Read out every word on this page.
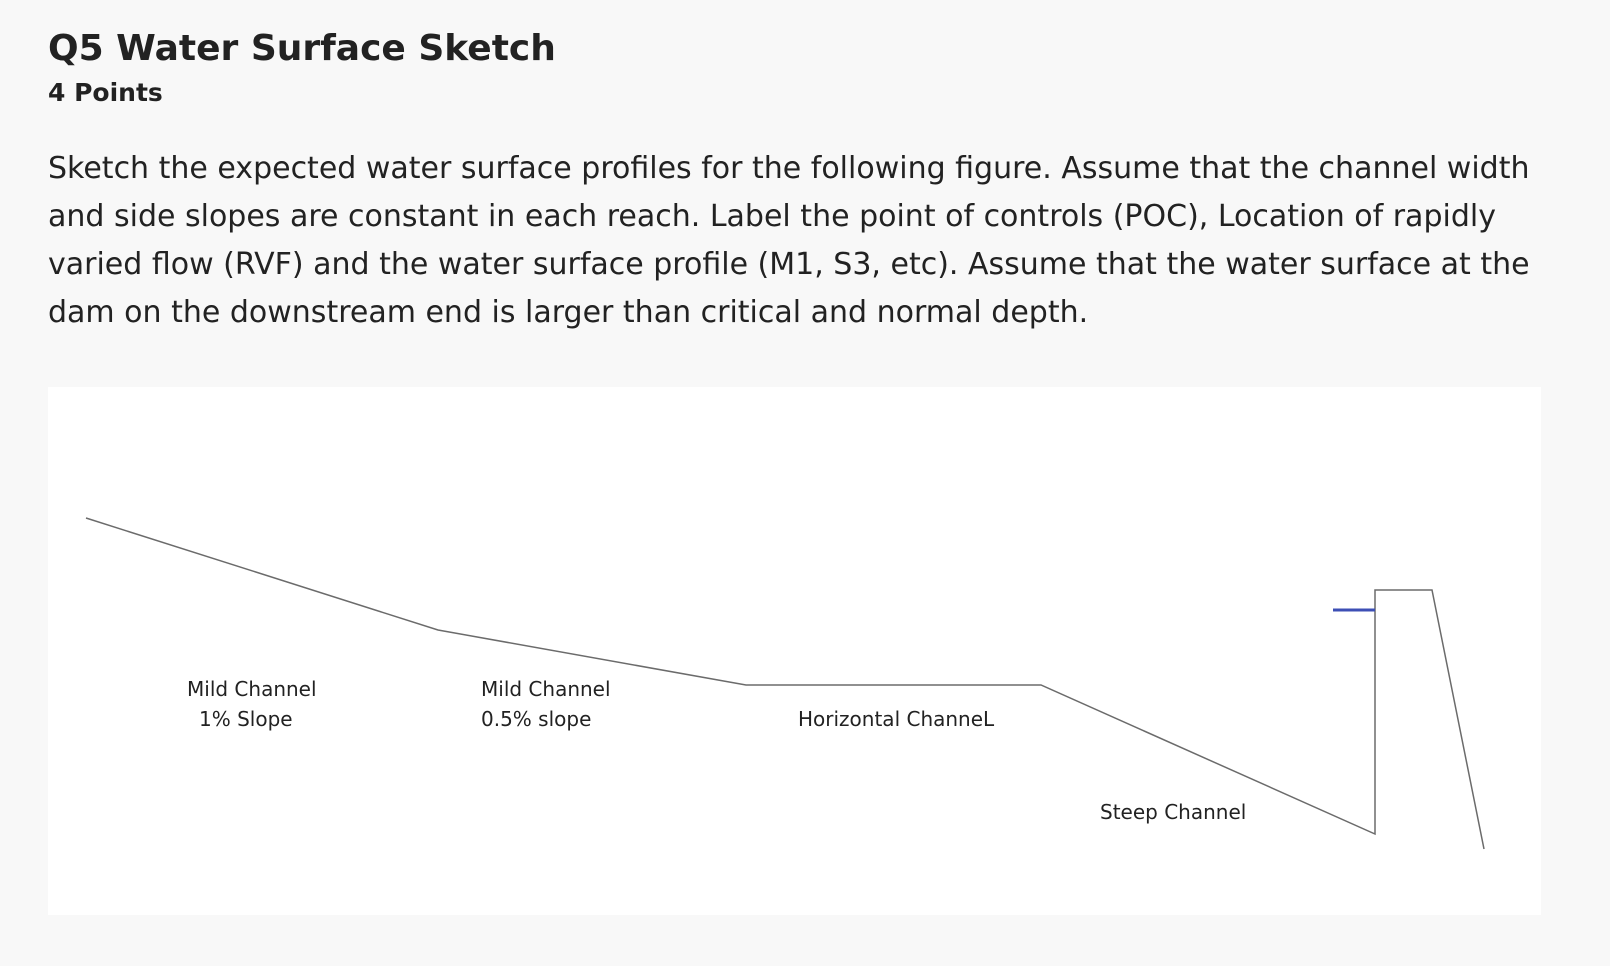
Q5 Water Surface Sketch
4 Points

Sketch the expected water surface profiles for the following figure. Assume that the channel width and side slopes are constant in each reach. Label the point of controls (POC), Location of rapidly varied flow (RVF) and the water surface profile (M1, S3, etc). Assume that the water surface at the dam on the downstream end is larger than critical and normal depth.

Mild Channel
1% Slope
Mild Channel
0.5% slope	Horizontal ChanneL
Steep Channel
